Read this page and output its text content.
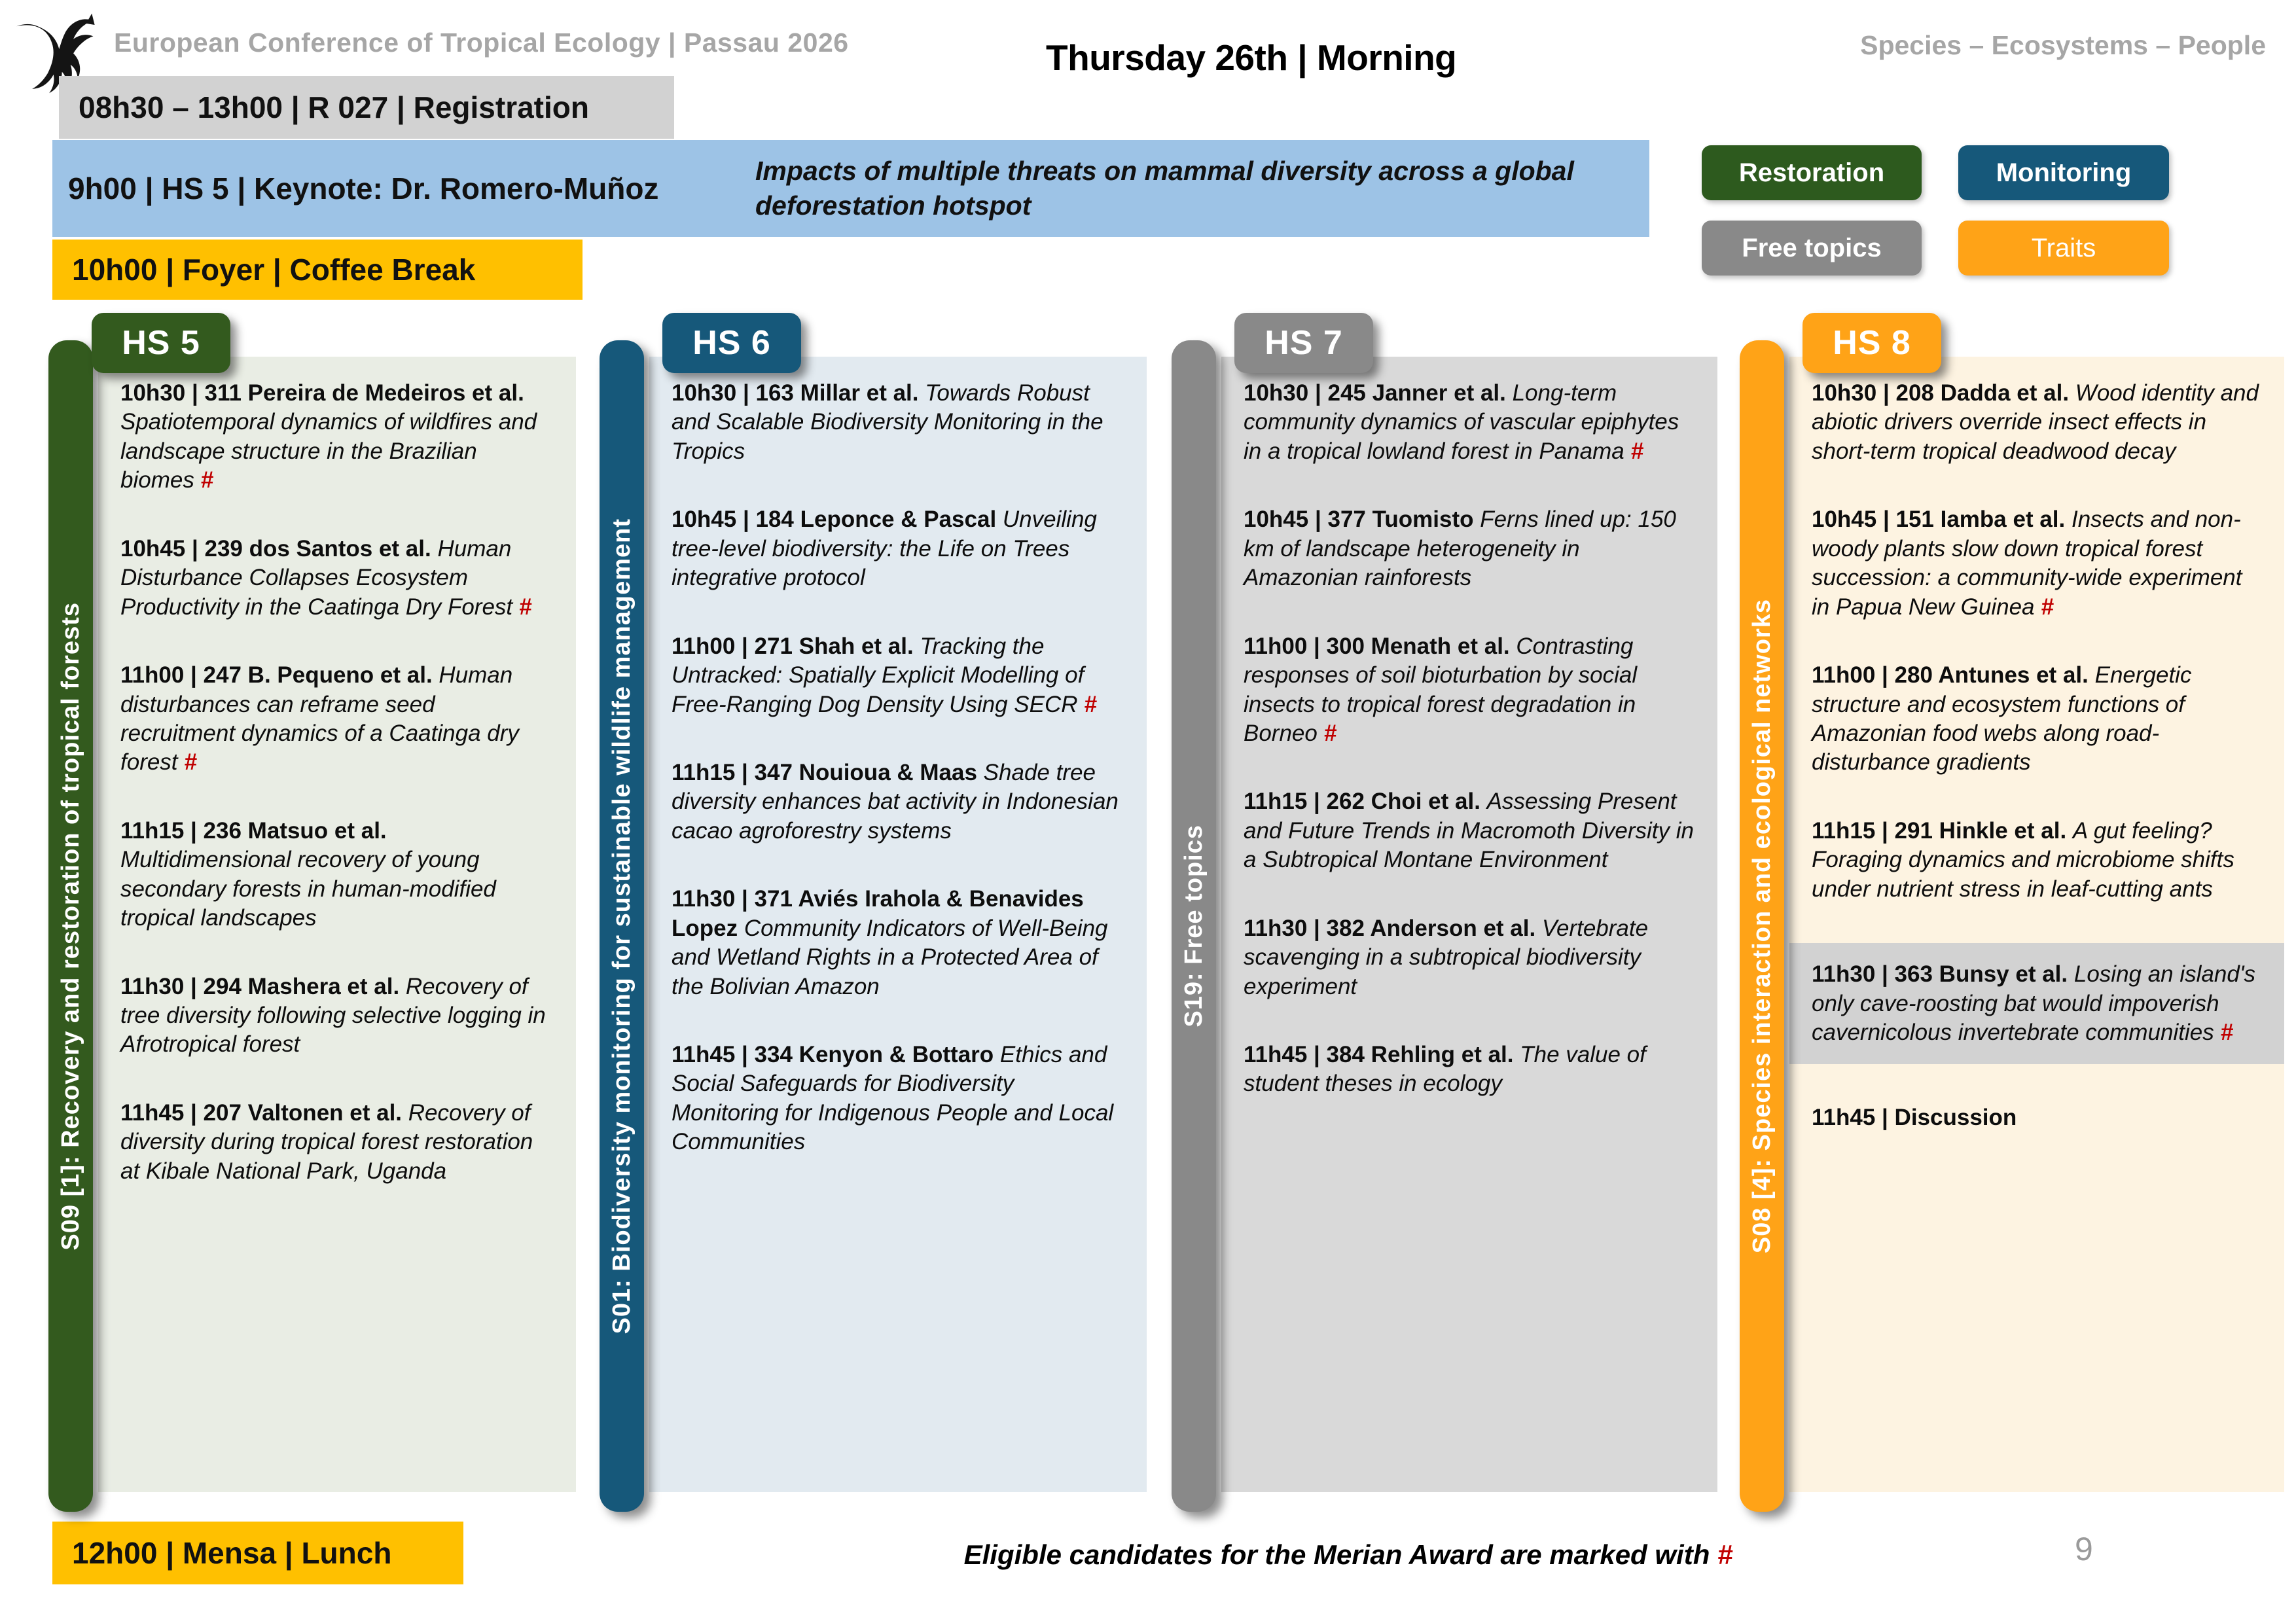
European Conference of Tropical Ecology | Passau 2026	Thursday 26th | Morning	Species – Ecosystems – People
08h30 – 13h00 | R 027 | Registration
9h00 | HS 5 | Keynote: Dr. Romero-Muñoz
Impacts of multiple threats on mammal diversity across a global deforestation hotspot
10h00 | Foyer | Coffee Break
12h00 | Mensa | Lunch
Restoration	Monitoring
Free topics	Traits
HS 5
S09 [1]: Recovery and restoration of tropical forests

10h30 | 311 Pereira de Medeiros et al. Spatiotemporal dynamics of wildfires and landscape structure in the Brazilian biomes #

10h45 | 239 dos Santos et al. Human Disturbance Collapses Ecosystem Productivity in the Caatinga Dry Forest #

11h00 | 247 B. Pequeno et al. Human disturbances can reframe seed recruitment dynamics of a Caatinga dry forest #

11h15 | 236 Matsuo et al. Multidimensional recovery of young secondary forests in human-modified tropical landscapes

11h30 | 294 Mashera et al. Recovery of tree diversity following selective logging in Afrotropical forest

11h45 | 207 Valtonen et al. Recovery of diversity during tropical forest restoration at Kibale National Park, Uganda

HS 6
S01: Biodiversity monitoring for sustainable wildlife management

10h30 | 163 Millar et al. Towards Robust and Scalable Biodiversity Monitoring in the Tropics

10h45 | 184 Leponce & Pascal Unveiling tree-level biodiversity: the Life on Trees integrative protocol

11h00 | 271 Shah et al. Tracking the Untracked: Spatially Explicit Modelling of Free-Ranging Dog Density Using SECR #

11h15 | 347 Nouioua & Maas Shade tree diversity enhances bat activity in Indonesian cacao agroforestry systems

11h30 | 371 Aviés Irahola & Benavides Lopez Community Indicators of Well-Being and Wetland Rights in a Protected Area of the Bolivian Amazon

11h45 | 334 Kenyon & Bottaro Ethics and Social Safeguards for Biodiversity Monitoring for Indigenous People and Local Communities

HS 7
S19: Free topics

10h30 | 245 Janner et al. Long-term community dynamics of vascular epiphytes in a tropical lowland forest in Panama #

10h45 | 377 Tuomisto Ferns lined up: 150 km of landscape heterogeneity in Amazonian rainforests

11h00 | 300 Menath et al. Contrasting responses of soil bioturbation by social insects to tropical forest degradation in Borneo #

11h15 | 262 Choi et al. Assessing Present and Future Trends in Macromoth Diversity in a Subtropical Montane Environment

11h30 | 382 Anderson et al. Vertebrate scavenging in a subtropical biodiversity experiment

11h45 | 384 Rehling et al. The value of student theses in ecology

HS 8
S08 [4]: Species interaction and ecological networks

10h30 | 208 Dadda et al. Wood identity and abiotic drivers override insect effects in short-term tropical deadwood decay

10h45 | 151 Iamba et al. Insects and non-woody plants slow down tropical forest succession: a community-wide experiment in Papua New Guinea #

11h00 | 280 Antunes et al. Energetic structure and ecosystem functions of Amazonian food webs along road-disturbance gradients

11h15 | 291 Hinkle et al. A gut feeling? Foraging dynamics and microbiome shifts under nutrient stress in leaf-cutting ants

11h30 | 363 Bunsy et al. Losing an island's only cave-roosting bat would impoverish cavernicolous invertebrate communities #

11h45 | Discussion

Eligible candidates for the Merian Award are marked with #	9
